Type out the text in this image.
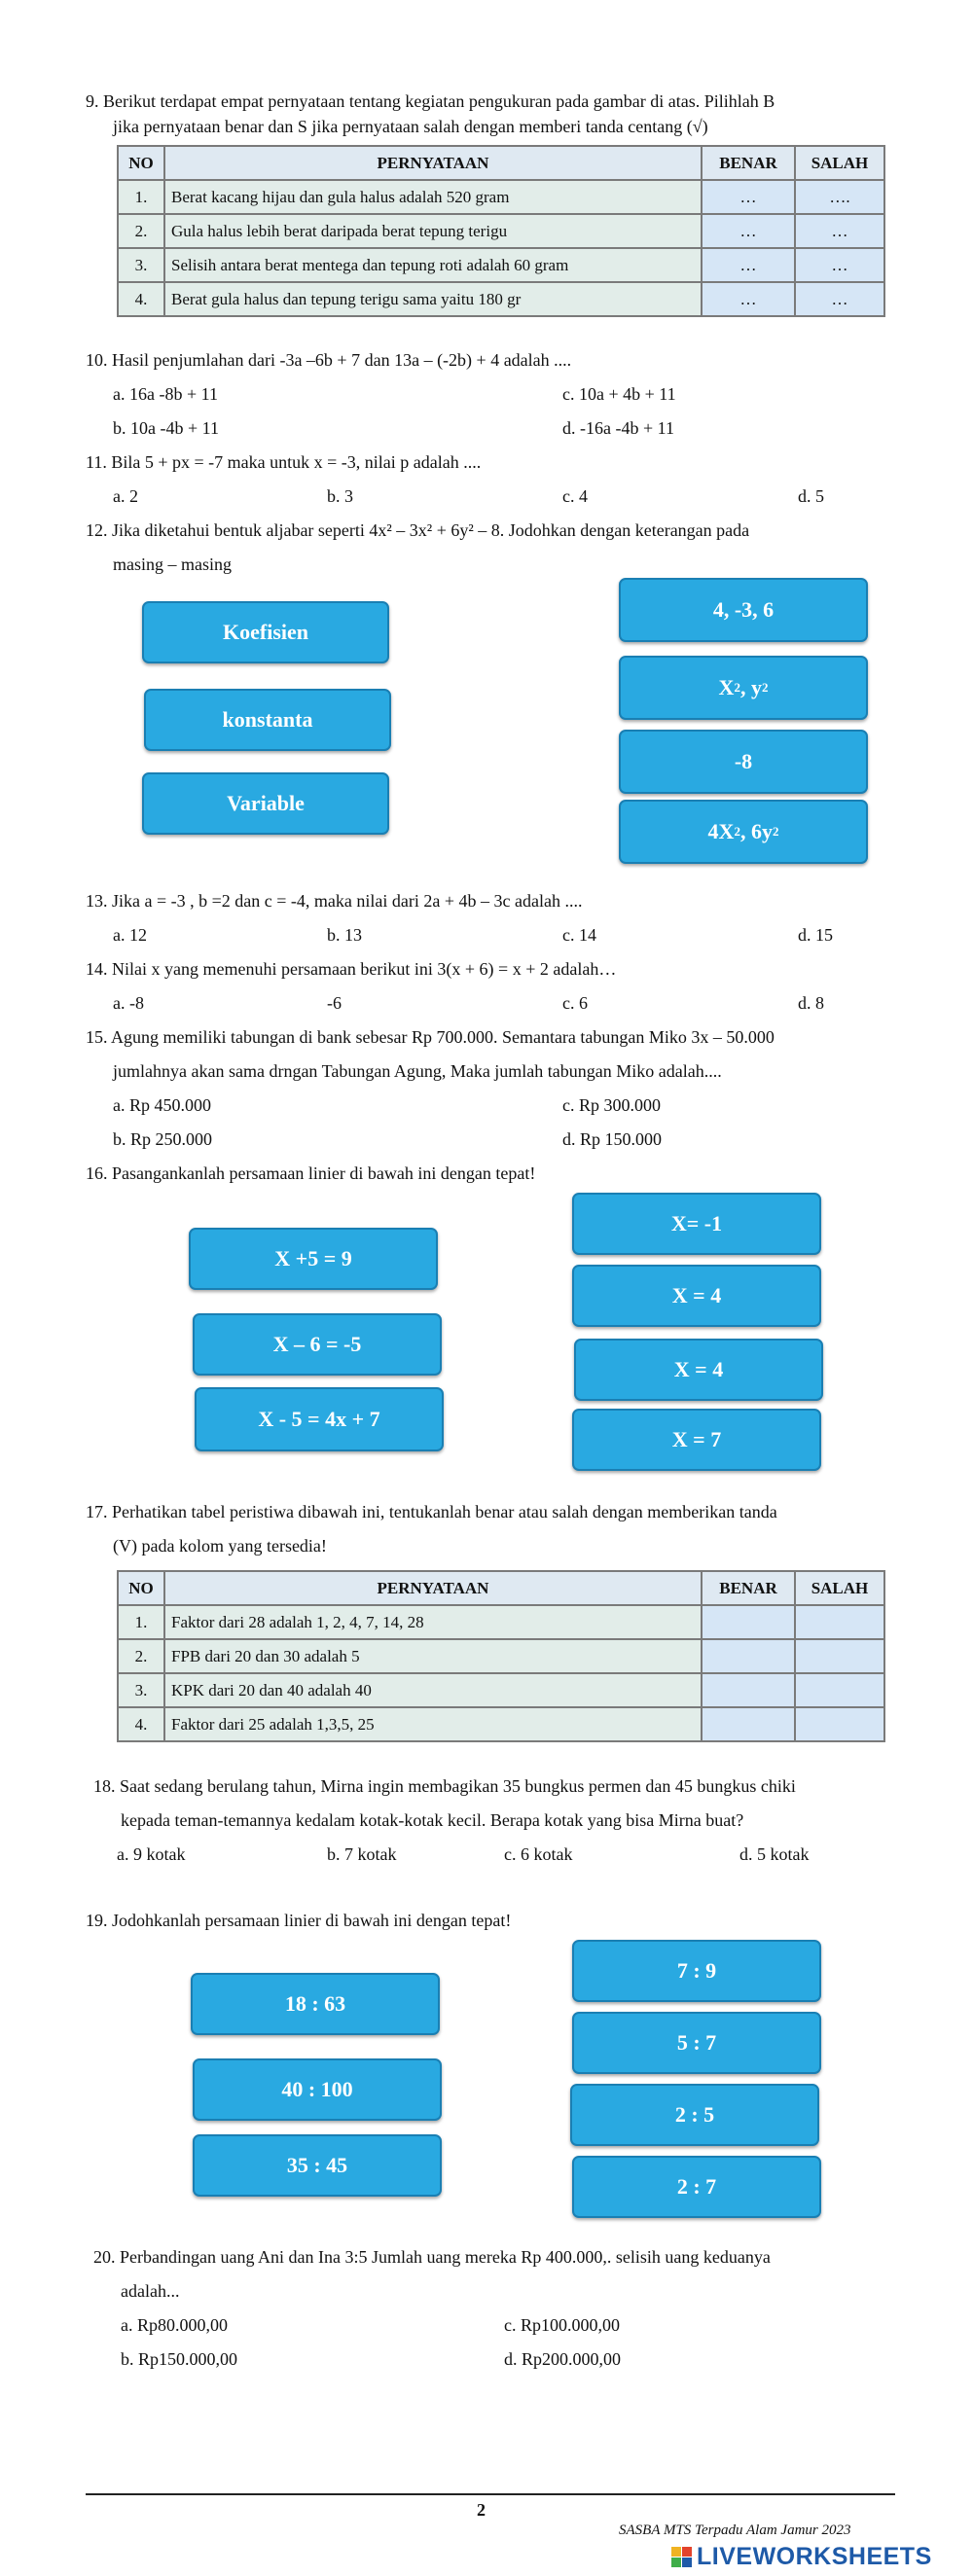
9. Berikut terdapat empat pernyataan tentang kegiatan pengukuran pada gambar di atas. Pilihlah B
jika pernyataan benar dan S jika pernyataan salah dengan memberi tanda centang (√)
NO	PERNYATAAN	BENAR	SALAH
1.	Berat kacang hijau dan gula halus adalah 520 gram	…	….
2.	Gula halus lebih berat daripada berat tepung terigu	…	…
3.	Selisih antara berat mentega dan tepung roti adalah 60 gram	…	…
4.	Berat gula halus dan tepung terigu sama yaitu 180 gr	…	…
10. Hasil penjumlahan dari -3a –6b + 7 dan 13a – (-2b) + 4 adalah ....
a. 16a -8b + 11	c. 10a + 4b + 11
b. 10a -4b + 11	d. -16a -4b + 11
11. Bila 5 + px = -7 maka untuk x = -3, nilai p adalah ....
a. 2	b. 3	c. 4	d. 5
12. Jika diketahui bentuk aljabar seperti 4x² – 3x² + 6y² – 8. Jodohkan dengan keterangan pada
masing – masing
Koefisien
konstanta
Variable
4, -3, 6
X 2 , y 2
-8
4X 2 , 6y 2
13. Jika a = -3 , b =2 dan c = -4, maka nilai dari 2a + 4b – 3c adalah ....
a. 12	b. 13	c. 14	d. 15
14. Nilai x yang memenuhi persamaan berikut ini 3(x + 6) = x + 2 adalah…
a. -8	-6	c. 6	d. 8
15. Agung memiliki tabungan di bank sebesar Rp 700.000. Semantara tabungan Miko 3x – 50.000
jumlahnya akan sama drngan Tabungan Agung, Maka jumlah tabungan Miko adalah....
a. Rp 450.000	c. Rp 300.000
b. Rp 250.000	d. Rp 150.000
16. Pasangankanlah persamaan linier di bawah ini dengan tepat!
X +5 = 9
X – 6 = -5
X - 5 = 4x + 7
X= -1
X = 4
X = 4
X = 7
17. Perhatikan tabel peristiwa dibawah ini, tentukanlah benar atau salah dengan memberikan tanda
(V) pada kolom yang tersedia!
NO	PERNYATAAN	BENAR	SALAH
1.	Faktor dari 28 adalah 1, 2, 4, 7, 14, 28		
2.	FPB dari 20 dan 30 adalah 5		
3.	KPK dari 20 dan 40 adalah 40		
4.	Faktor dari 25 adalah 1,3,5, 25		
18. Saat sedang berulang tahun, Mirna ingin membagikan 35 bungkus permen dan 45 bungkus chiki
kepada teman-temannya kedalam kotak-kotak kecil. Berapa kotak yang bisa Mirna buat?
a. 9 kotak	b. 7 kotak	c. 6 kotak	d. 5 kotak
19. Jodohkanlah persamaan linier di bawah ini dengan tepat!
18 : 63
40 : 100
35 : 45
7 : 9
5 : 7
2 : 5
2 : 7
20. Perbandingan uang Ani dan Ina 3:5 Jumlah uang mereka Rp 400.000,. selisih uang keduanya
adalah...
a. Rp80.000,00	c. Rp100.000,00
b. Rp150.000,00	d. Rp200.000,00
2
SASBA MTS Terpadu Alam Jamur 2023
LIVEWORKSHEETS
